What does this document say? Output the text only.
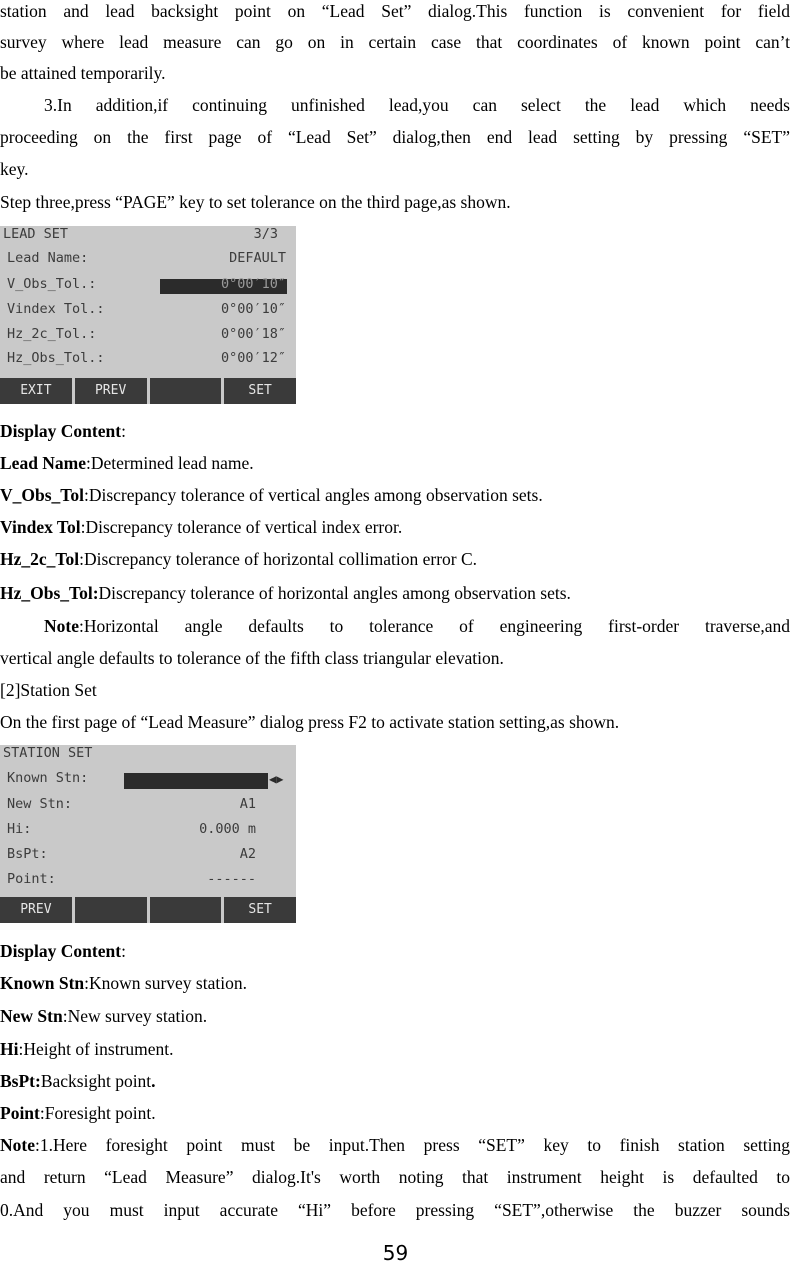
station and lead backsight point on “Lead Set” dialog.This function is convenient for field
survey where lead measure can go on in certain case that coordinates of known point can’t
be attained temporarily.
3.In addition,if continuing unfinished lead,you can select the lead which needs
proceeding on the first page of “Lead Set” dialog,then end lead setting by pressing “SET”
key.
Step three,press “PAGE” key to set tolerance on the third page,as shown.
LEAD SET	3/3
Lead Name:	DEFAULT
V_Obs_Tol.:	0°00′10″
Vindex Tol.:	0°00′10″
Hz_2c_Tol.:	0°00′18″
Hz_Obs_Tol.:	0°00′12″
EXIT	PREV	SET
Display Content:
Lead Name:Determined lead name.
V_Obs_Tol:Discrepancy tolerance of vertical angles among observation sets.
Vindex Tol:Discrepancy tolerance of vertical index error.
Hz_2c_Tol:Discrepancy tolerance of horizontal collimation error C.
Hz_Obs_Tol:Discrepancy tolerance of horizontal angles among observation sets.
Note:Horizontal angle defaults to tolerance of engineering first-order traverse,and
vertical angle defaults to tolerance of the fifth class triangular elevation.
[2]Station Set
On the first page of “Lead Measure” dialog press F2 to activate station setting,as shown.
STATION SET
◀▶
Known Stn:
New Stn:	A1
Hi:	0.000 m
BsPt:	A2
Point:	------
PREV	SET
Display Content:
Known Stn:Known survey station.
New Stn:New survey station.
Hi:Height of instrument.
BsPt:Backsight point.
Point:Foresight point.
Note:1.Here foresight point must be input.Then press “SET” key to finish station setting
and return “Lead Measure” dialog.It's worth noting that instrument height is defaulted to
0.And you must input accurate “Hi” before pressing “SET”,otherwise the buzzer sounds
59
